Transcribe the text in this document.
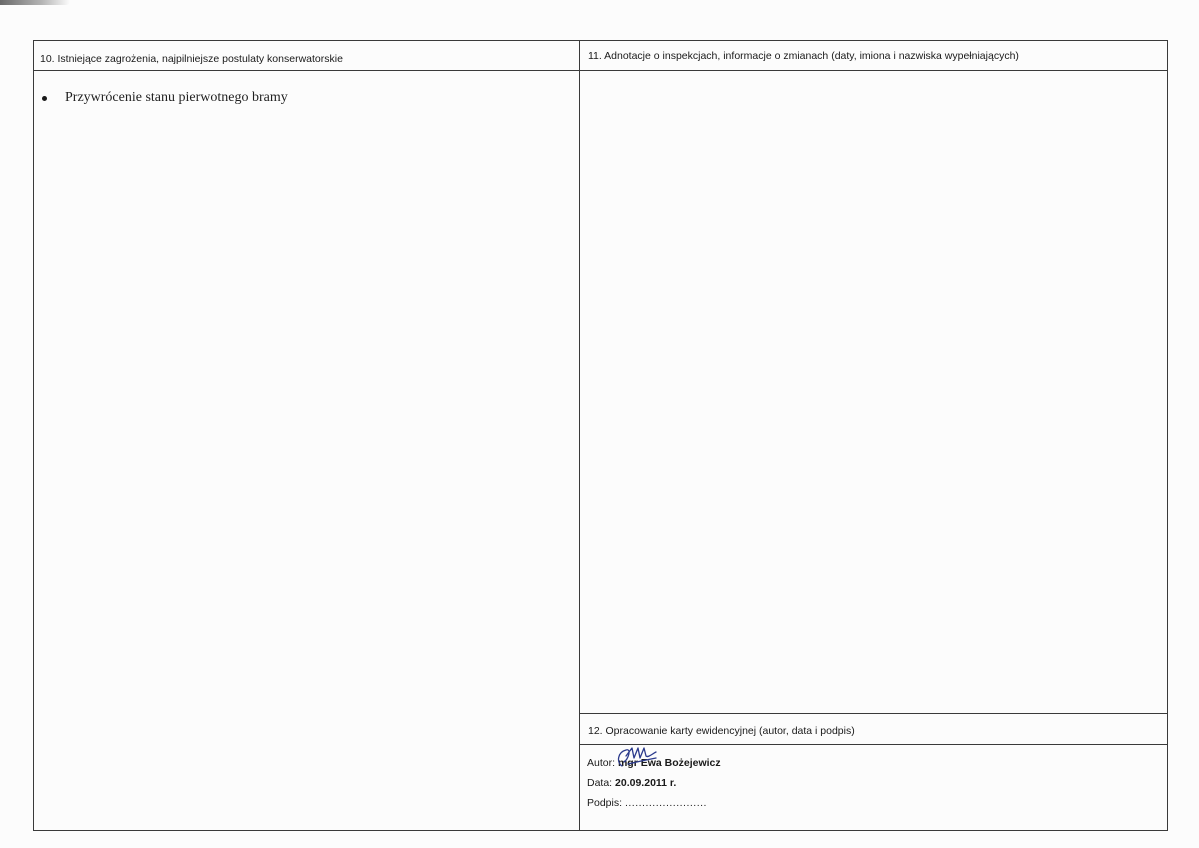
10. Istniejące zagrożenia, najpilniejsze postulaty konserwatorskie	11. Adnotacje o inspekcjach, informacje o zmianach (daty, imiona i nazwiska wypełniających)
Przywrócenie stanu pierwotnego bramy
12. Opracowanie karty ewidencyjnej (autor, data i podpis)
Autor: mgr Ewa Bożejewicz
Data: 20.09.2011 r.
Podpis: ........................
